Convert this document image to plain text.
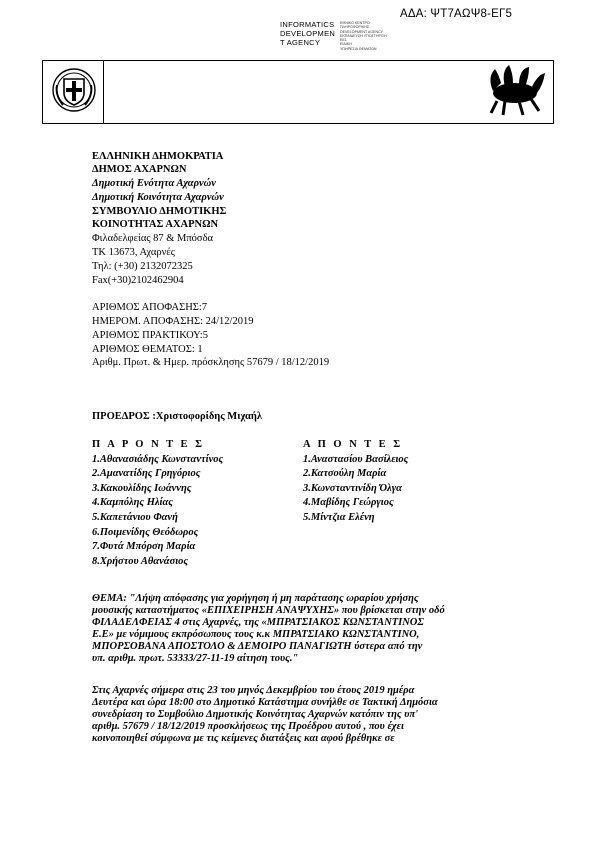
ΑΔΑ: ΨΤ7ΑΩΨ8-ΕΓ5
INFORMATICS
DEVELOPMEN
T AGENCY
ΕΘΝΙΚΟ ΚΕΝΤΡΟ
ΠΛΗΡΟΦΟΡΙΚΗΣ
DEVELOPMENT AGENCY
ΕΚΠΑΙΔΕΥΣΗ ΥΠΟΣΤΗΡΙΞΗ
ΕΕ1
ΕΙΔΙΚΗ
ΥΠΗΡΕΣΙΑ ΘΕΜΑΤΩΝ
ΕΛΛΗΝΙΚΗ ΔΗΜΟΚΡΑΤΙΑ
ΔΗΜΟΣ ΑΧΑΡΝΩΝ
Δημοτική Ενότητα Αχαρνών
Δημοτική Κοινότητα Αχαρνών
ΣΥΜΒΟΥΛΙΟ ΔΗΜΟΤΙΚΗΣ
ΚΟΙΝΟΤΗΤΑΣ ΑΧΑΡΝΩΝ
Φιλαδελφείας 87 & Μπόσδα
ΤΚ 13673, Αχαρνές
Τηλ: (+30) 2132072325
Fax(+30)2102462904
ΑΡΙΘΜΟΣ ΑΠΟΦΑΣΗΣ:7
ΗΜΕΡΟΜ. ΑΠΟΦΑΣΗΣ: 24/12/2019
ΑΡΙΘΜΟΣ ΠΡΑΚΤΙΚΟΥ:5
ΑΡΙΘΜΟΣ ΘΕΜΑΤΟΣ: 1
Αριθμ. Πρωτ. & Ημερ. πρόσκλησης 57679 / 18/12/2019
ΠΡΟΕΔΡΟΣ :Χριστοφορίδης Μιχαήλ
Π Α Ρ Ο Ν Τ Ε Σ
1.Αθανασιάδης Κωνσταντίνος
2.Αμανατίδης Γρηγόριος
3.Κακουλίδης Ιωάννης
4.Καμπόλης Ηλίας
5.Καπετάνιου Φανή
6.Ποιμενίδης Θεόδωρος
7.Φυτά Μπόρση Μαρία
8.Χρήστου Αθανάσιος
Α Π Ο Ν Τ Ε Σ
1.Αναστασίου Βασίλειος
2.Κατσούλη Μαρία
3.Κωνσταντινίδη Όλγα
4.Μαβίδης Γεώργιος
5.Μίντζια Ελένη

ΘΕΜΑ: "Λήψη απόφασης για χορήγηση ή μη παράτασης ωραρίου χρήσης

μουσικής καταστήματος «ΕΠΙΧΕΙΡΗΣΗ ΑΝΑΨΥΧΗΣ» που βρίσκεται στην οδό

ΦΙΛΑΔΕΛΦΕΙΑΣ 4 στις Αχαρνές, της «ΜΠΡΑΤΣΙΑΚΟΣ ΚΩΝΣΤΑΝΤΙΝΟΣ

Ε.Ε» με νόμιμους εκπρόσωπους τους κ.κ ΜΠΡΑΤΣΙΑΚΟ ΚΩΝΣΤΑΝΤΙΝΟ,

ΜΠΟΡΣΟΒΑΝΑ ΑΠΟΣΤΟΛΟ & ΔΕΜΟΙΡΟ ΠΑΝΑΓΙΩΤΗ ύστερα από την

υπ. αριθμ. πρωτ. 53333/27-11-19 αίτηση τους."

Στις Αχαρνές σήμερα στις 23 του μηνός Δεκεμβρίου του έτους 2019 ημέρα

Δευτέρα και ώρα 18:00 στο Δημοτικό Κατάστημα συνήλθε σε Τακτική Δημόσια

συνεδρίαση το Συμβούλιο Δημοτικής Κοινότητας Αχαρνών κατόπιν της υπ'

αριθμ. 57679 / 18/12/2019 προσκλήσεως της Προέδρου αυτού , που έχει

κοινοποιηθεί σύμφωνα με τις κείμενες διατάξεις και αφού βρέθηκε σε
